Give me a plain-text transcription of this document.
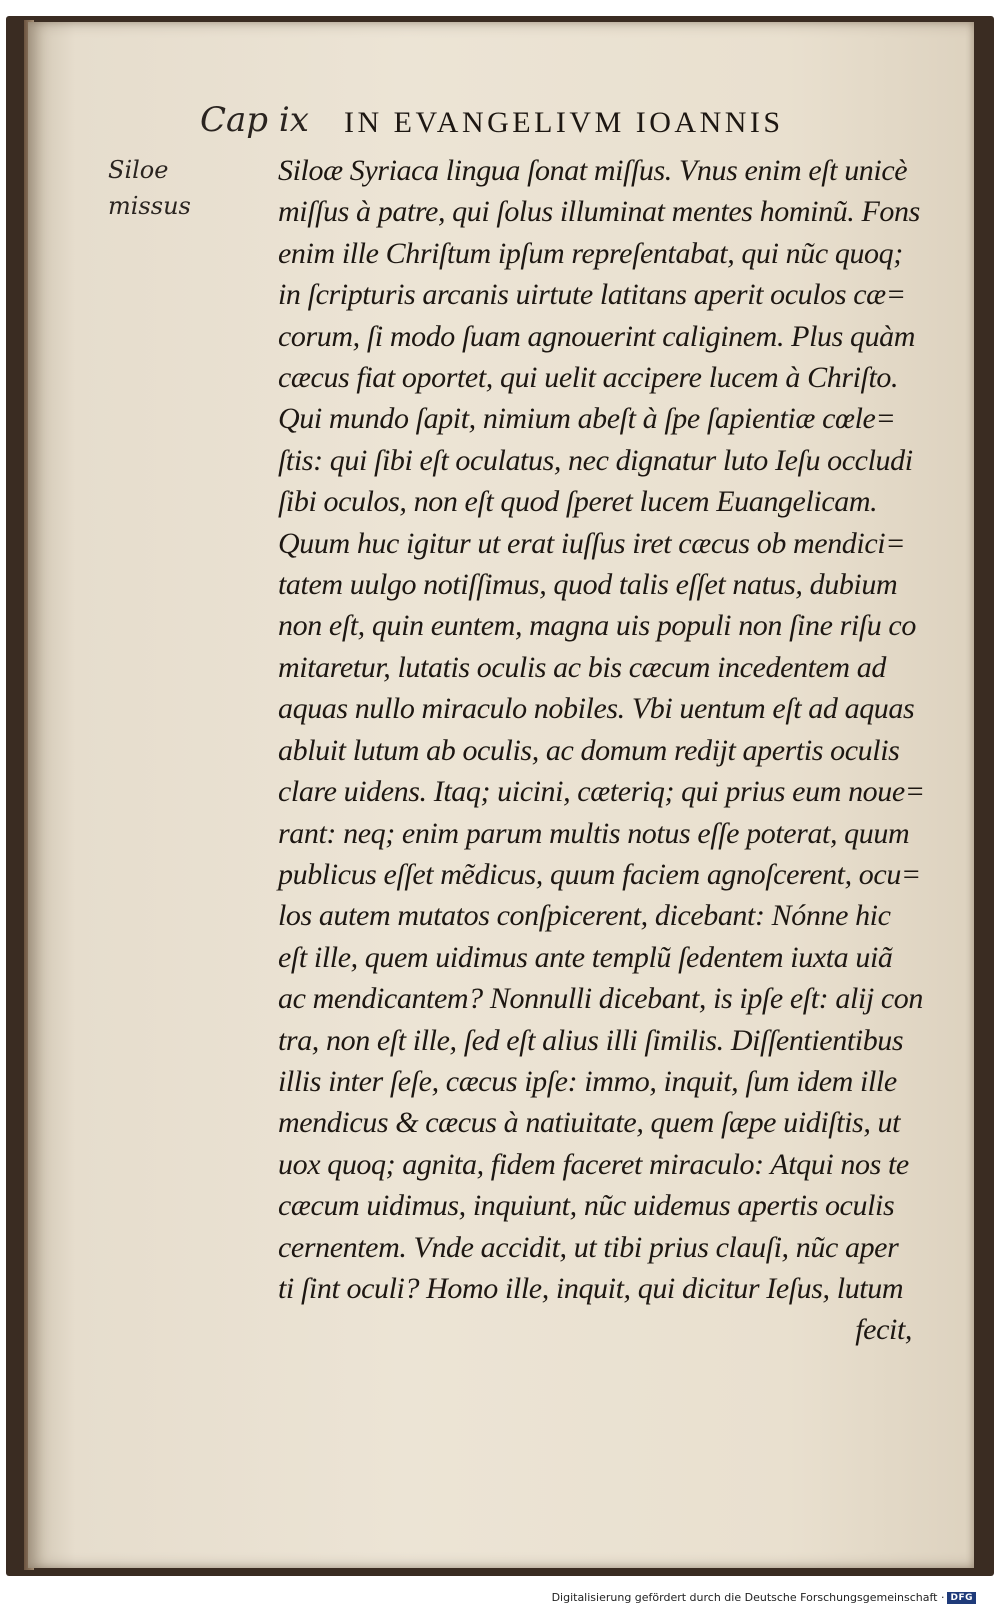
Cap ix IN EVANGELIVM IOANNIS
Siloe
missus
Siloæ Syriaca lingua ſonat miſſus. Vnus enim eſt unicè
miſſus à patre, qui ſolus illuminat mentes hominũ. Fons
enim ille Chriſtum ipſum repreſentabat, qui nũc quoq;
in ſcripturis arcanis uirtute latitans aperit oculos cæ=
corum, ſi modo ſuam agnouerint caliginem. Plus quàm
cæcus fiat oportet, qui uelit accipere lucem à Chriſto.
Qui mundo ſapit, nimium abeſt à ſpe ſapientiæ cœle=
ſtis: qui ſibi eſt oculatus, nec dignatur luto Ieſu occludi
ſibi oculos, non eſt quod ſperet lucem Euangelicam.
Quum huc igitur ut erat iuſſus iret cæcus ob mendici=
tatem uulgo notiſſimus, quod talis eſſet natus, dubium
non eſt, quin euntem, magna uis populi non ſine riſu co
mitaretur, lutatis oculis ac bis cæcum incedentem ad
aquas nullo miraculo nobiles. Vbi uentum eſt ad aquas
abluit lutum ab oculis, ac domum rediјt apertis oculis
clare uidens. Itaq; uicini, cæteriq; qui prius eum noue=
rant: neq; enim parum multis notus eſſe poterat, quum
publicus eſſet mẽdicus, quum faciem agnoſcerent, ocu=
los autem mutatos conſpicerent, dicebant: Nónne hic
eſt ille, quem uidimus ante templũ ſedentem iuxta uiã
ac mendicantem? Nonnulli dicebant, is ipſe eſt: alij con
tra, non eſt ille, ſed eſt alius illi ſimilis. Diſſentientibus
illis inter ſeſe, cæcus ipſe: immo, inquit, ſum idem ille
mendicus & cæcus à natiuitate, quem ſæpe uidiſtis, ut
uox quoq; agnita, fidem faceret miraculo: Atqui nos te
cæcum uidimus, inquiunt, nũc uidemus apertis oculis
cernentem. Vnde accidit, ut tibi prius clauſi, nũc aper
ti ſint oculi? Homo ille, inquit, qui dicitur Ieſus, lutum
fecit,
Digitalisierung gefördert durch die Deutsche Forschungsgemeinschaft · DFG
